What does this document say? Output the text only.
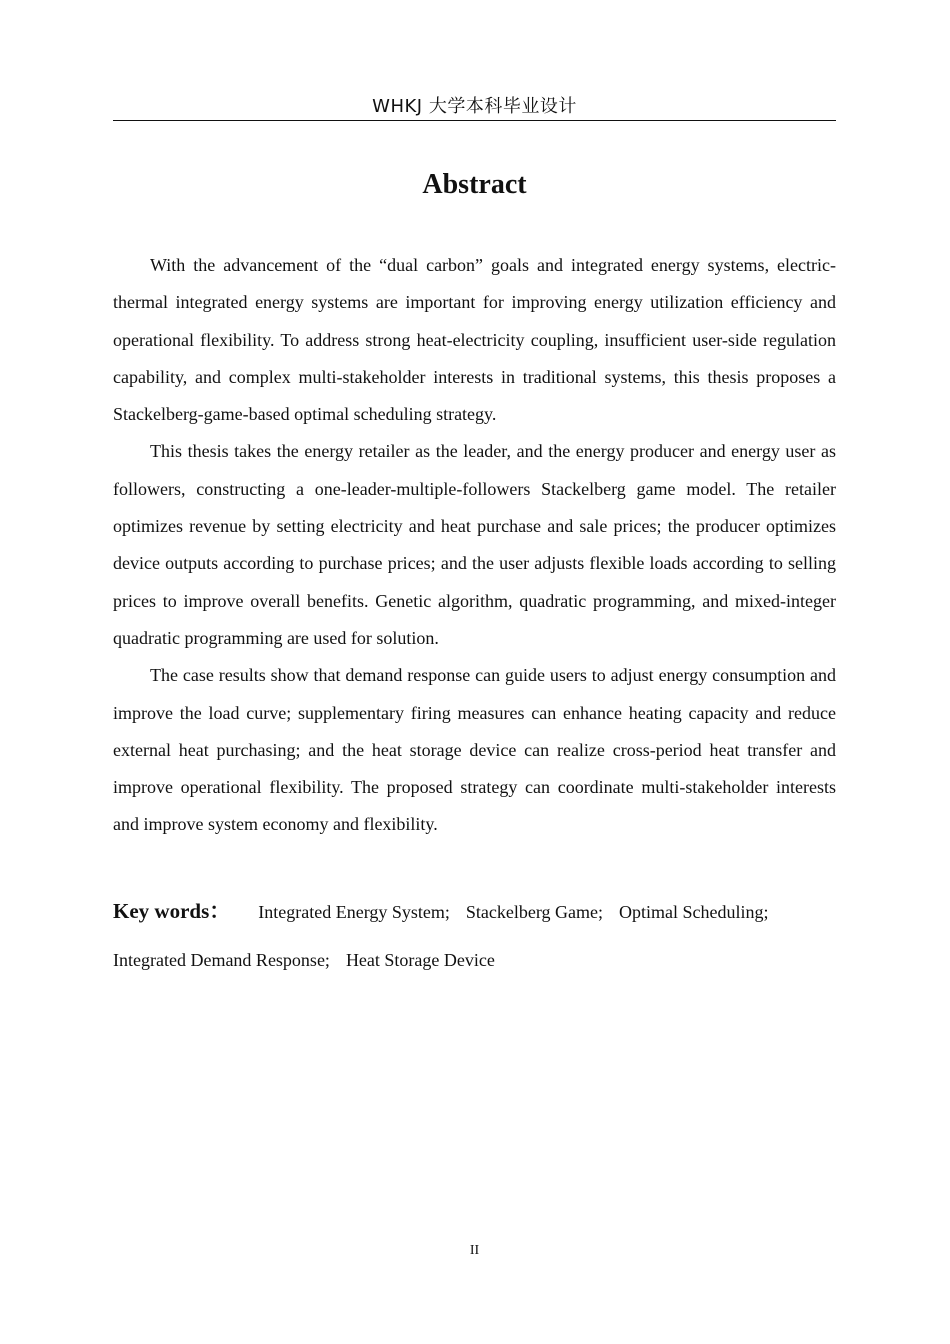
WHKJ 大学本科毕业设计
Abstract

With the advancement of the “dual carbon” goals and integrated energy systems, electric-thermal integrated energy systems are important for improving energy utilization efficiency and operational flexibility. To address strong heat-electricity coupling, insufficient user-side regulation capability, and complex multi-stakeholder interests in traditional systems, this thesis proposes a Stackelberg-game-based optimal scheduling strategy.

This thesis takes the energy retailer as the leader, and the energy producer and energy user as followers, constructing a one-leader-multiple-followers Stackelberg game model. The retailer optimizes revenue by setting electricity and heat purchase and sale prices; the producer optimizes device outputs according to purchase prices; and the user adjusts flexible loads according to selling prices to improve overall benefits. Genetic algorithm, quadratic programming, and mixed-integer quadratic programming are used for solution.

The case results show that demand response can guide users to adjust energy consumption and improve the load curve; supplementary firing measures can enhance heating capacity and reduce external heat purchasing; and the heat storage device can realize cross-period heat transfer and improve operational flexibility. The proposed strategy can coordinate multi-stakeholder interests and improve system economy and flexibility.

Key words： Integrated Energy System; Stackelberg Game; Optimal Scheduling;
Integrated Demand Response; Heat Storage Device
II
